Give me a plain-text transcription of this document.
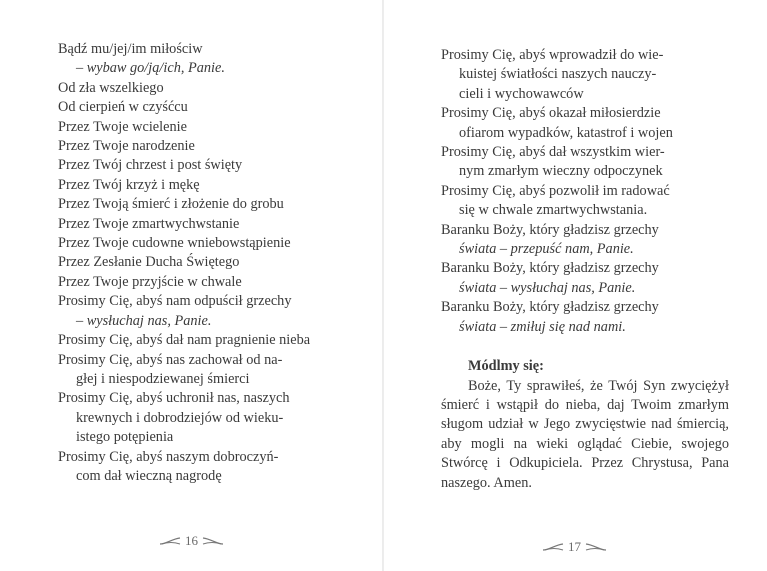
Bądź mu/jej/im miłościw
– wybaw go/ją/ich, Panie.
Od zła wszelkiego
Od cierpień w czyśćcu
Przez Twoje wcielenie
Przez Twoje narodzenie
Przez Twój chrzest i post święty
Przez Twój krzyż i mękę
Przez Twoją śmierć i złożenie do grobu
Przez Twoje zmartwychwstanie
Przez Twoje cudowne wniebowstąpienie
Przez Zesłanie Ducha Świętego
Przez Twoje przyjście w chwale
Prosimy Cię, abyś nam odpuścił grzechy
– wysłuchaj nas, Panie.
Prosimy Cię, abyś dał nam pragnienie nieba
Prosimy Cię, abyś nas zachował od na-
głej i niespodziewanej śmierci
Prosimy Cię, abyś uchronił nas, naszych
krewnych i dobrodziejów od wieku-
istego potępienia
Prosimy Cię, abyś naszym dobroczyń-
com dał wieczną nagrodę
16
Prosimy Cię, abyś wprowadził do wie-
kuistej światłości naszych nauczy-
cieli i wychowawców
Prosimy Cię, abyś okazał miłosierdzie
ofiarom wypadków, katastrof i wojen
Prosimy Cię, abyś dał wszystkim wier-
nym zmarłym wieczny odpoczynek
Prosimy Cię, abyś pozwolił im radować
się w chwale zmartwychwstania.
Baranku Boży, który gładzisz grzechy
świata – przepuść nam, Panie.
Baranku Boży, który gładzisz grzechy
świata – wysłuchaj nas, Panie.
Baranku Boży, który gładzisz grzechy
świata – zmiłuj się nad nami.
Módlmy się:

Boże, Ty sprawiłeś, że Twój Syn zwyciężył śmierć i wstąpił do nieba, daj Twoim zmarłym sługom udział w Jego zwycięstwie nad śmiercią, aby mogli na wieki oglądać Ciebie, swojego Stwórcę i Odkupiciela. Przez Chrystusa, Pana naszego. Amen.

17
